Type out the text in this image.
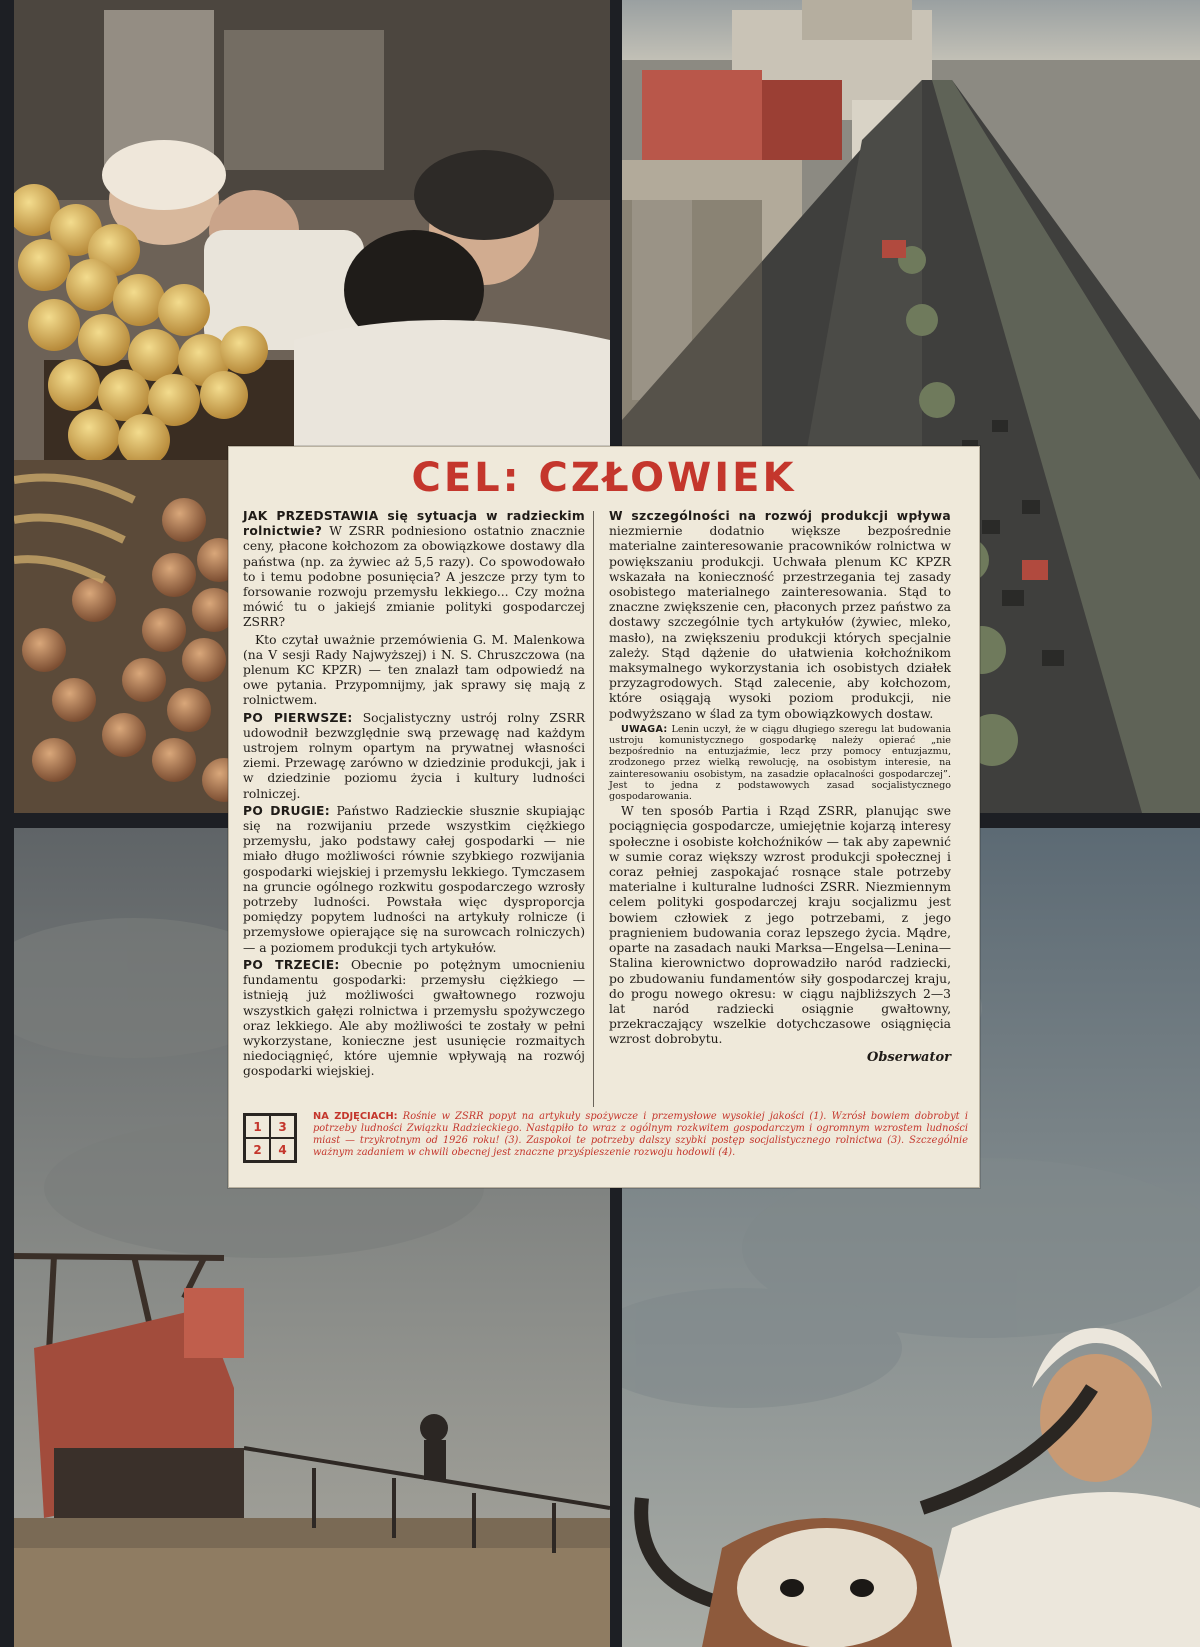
CEL: CZŁOWIEK

JAK PRZEDSTAWIA się sytuacja w radzieckim rolnictwie? W ZSRR podniesiono ostatnio znacznie ceny, płacone kołchozom za obowiązkowe dostawy dla państwa (np. za żywiec aż 5,5 razy). Co spowodowało to i temu podobne posunięcia? A jeszcze przy tym to forsowanie rozwoju przemysłu lekkiego... Czy można mówić tu o jakiejś zmianie polityki gospodarczej ZSRR?

Kto czytał uważnie przemówienia G. M. Malenkowa (na V sesji Rady Najwyższej) i N. S. Chruszczowa (na plenum KC KPZR) — ten znalazł tam odpowiedź na owe pytania. Przypomnijmy, jak sprawy się mają z rolnictwem.

PO PIERWSZE: Socjalistyczny ustrój rolny ZSRR udowodnił bezwzględnie swą przewagę nad każdym ustrojem rolnym opartym na prywatnej własności ziemi. Przewagę zarówno w dziedzinie produkcji, jak i w dziedzinie poziomu życia i kultury ludności rolniczej.

PO DRUGIE: Państwo Radzieckie słusznie skupiając się na rozwijaniu przede wszystkim ciężkiego przemysłu, jako podstawy całej gospodarki — nie miało długo możliwości równie szybkiego rozwijania gospodarki wiejskiej i przemysłu lekkiego. Tymczasem na gruncie ogólnego rozkwitu gospodarczego wzrosły potrzeby ludności. Powstała więc dysproporcja pomiędzy popytem ludności na artykuły rolnicze (i przemysłowe opierające się na surowcach rolniczych) — a poziomem produkcji tych artykułów.

PO TRZECIE: Obecnie po potężnym umocnieniu fundamentu gospodarki: przemysłu ciężkiego — istnieją już możliwości gwałtownego rozwoju wszystkich gałęzi rolnictwa i przemysłu spożywczego oraz lekkiego. Ale aby możliwości te zostały w pełni wykorzystane, konieczne jest usunięcie rozmaitych niedociągnięć, które ujemnie wpływają na rozwój gospodarki wiejskiej.

W szczególności na rozwój produkcji wpływa niezmiernie dodatnio większe bezpośrednie materialne zainteresowanie pracowników rolnictwa w powiększaniu produkcji. Uchwała plenum KC KPZR wskazała na konieczność przestrzegania tej zasady osobistego materialnego zainteresowania. Stąd to znaczne zwiększenie cen, płaconych przez państwo za dostawy szczególnie tych artykułów (żywiec, mleko, masło), na zwiększeniu produkcji których specjalnie zależy. Stąd dążenie do ułatwienia kołchoźnikom maksymalnego wykorzystania ich osobistych działek przyzagrodowych. Stąd zalecenie, aby kołchozom, które osiągają wysoki poziom produkcji, nie podwyższano w ślad za tym obowiązkowych dostaw.

UWAGA: Lenin uczył, że w ciągu długiego szeregu lat budowania ustroju komunistycznego gospodarkę należy opierać „nie bezpośrednio na entuzjaźmie, lecz przy pomocy entuzjazmu, zrodzonego przez wielką rewolucję, na osobistym interesie, na zainteresowaniu osobistym, na zasadzie opłacalności gospodarczej”. Jest to jedna z podstawowych zasad socjalistycznego gospodarowania.

W ten sposób Partia i Rząd ZSRR, planując swe pociągnięcia gospodarcze, umiejętnie kojarzą interesy społeczne i osobiste kołchoźników — tak aby zapewnić w sumie coraz większy wzrost produkcji społecznej i coraz pełniej zaspokajać rosnące stale potrzeby materialne i kulturalne ludności ZSRR. Niezmiennym celem polityki gospodarczej kraju socjalizmu jest bowiem człowiek z jego potrzebami, z jego pragnieniem budowania coraz lepszego życia. Mądre, oparte na zasadach nauki Marksa—Engelsa—Lenina—Stalina kierownictwo doprowadziło naród radziecki, po zbudowaniu fundamentów siły gospodarczej kraju, do progu nowego okresu: w ciągu najbliższych 2—3 lat naród radziecki osiągnie gwałtowny, przekraczający wszelkie dotychczasowe osiągnięcia wzrost dobrobytu.

Obserwator

1	3
2	4
NA ZDJĘCIACH: Rośnie w ZSRR popyt na artykuły spożywcze i przemysłowe wysokiej jakości (1). Wzrósł bowiem dobrobyt i potrzeby ludności Związku Radzieckiego. Nastąpiło to wraz z ogólnym rozkwitem gospodarczym i ogromnym wzrostem ludności miast — trzykrotnym od 1926 roku! (3). Zaspokoi te potrzeby dalszy szybki postęp socjalistycznego rolnictwa (3). Szczególnie ważnym zadaniem w chwili obecnej jest znaczne przyśpieszenie rozwoju hodowli (4).
